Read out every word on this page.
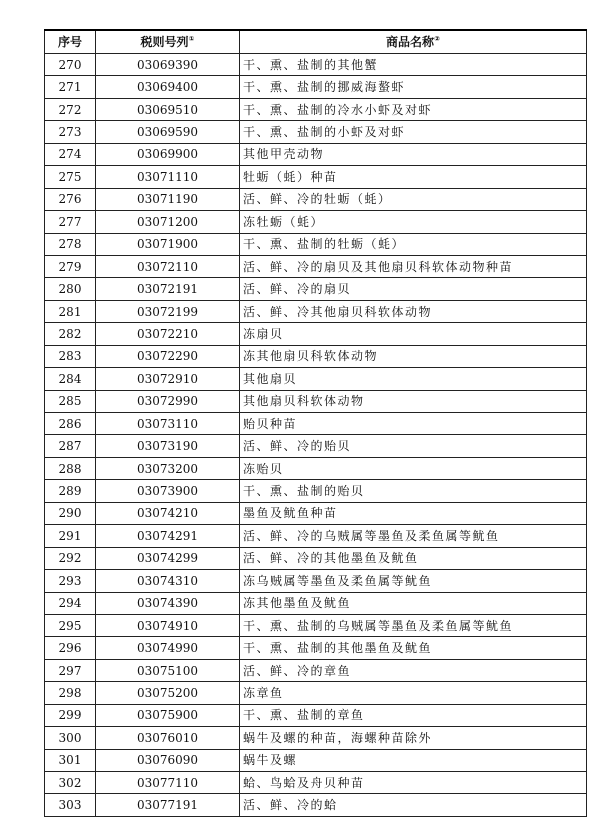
序号	税则号列①	商品名称②
270	03069390	干、熏、盐制的其他蟹
271	03069400	干、熏、盐制的挪威海螯虾
272	03069510	干、熏、盐制的冷水小虾及对虾
273	03069590	干、熏、盐制的小虾及对虾
274	03069900	其他甲壳动物
275	03071110	牡蛎（蚝）种苗
276	03071190	活、鲜、冷的牡蛎（蚝）
277	03071200	冻牡蛎（蚝）
278	03071900	干、熏、盐制的牡蛎（蚝）
279	03072110	活、鲜、冷的扇贝及其他扇贝科软体动物种苗
280	03072191	活、鲜、冷的扇贝
281	03072199	活、鲜、冷其他扇贝科软体动物
282	03072210	冻扇贝
283	03072290	冻其他扇贝科软体动物
284	03072910	其他扇贝
285	03072990	其他扇贝科软体动物
286	03073110	贻贝种苗
287	03073190	活、鲜、冷的贻贝
288	03073200	冻贻贝
289	03073900	干、熏、盐制的贻贝
290	03074210	墨鱼及鱿鱼种苗
291	03074291	活、鲜、冷的乌贼属等墨鱼及柔鱼属等鱿鱼
292	03074299	活、鲜、冷的其他墨鱼及鱿鱼
293	03074310	冻乌贼属等墨鱼及柔鱼属等鱿鱼
294	03074390	冻其他墨鱼及鱿鱼
295	03074910	干、熏、盐制的乌贼属等墨鱼及柔鱼属等鱿鱼
296	03074990	干、熏、盐制的其他墨鱼及鱿鱼
297	03075100	活、鲜、冷的章鱼
298	03075200	冻章鱼
299	03075900	干、熏、盐制的章鱼
300	03076010	蜗牛及螺的种苗，海螺种苗除外
301	03076090	蜗牛及螺
302	03077110	蛤、鸟蛤及舟贝种苗
303	03077191	活、鲜、冷的蛤
